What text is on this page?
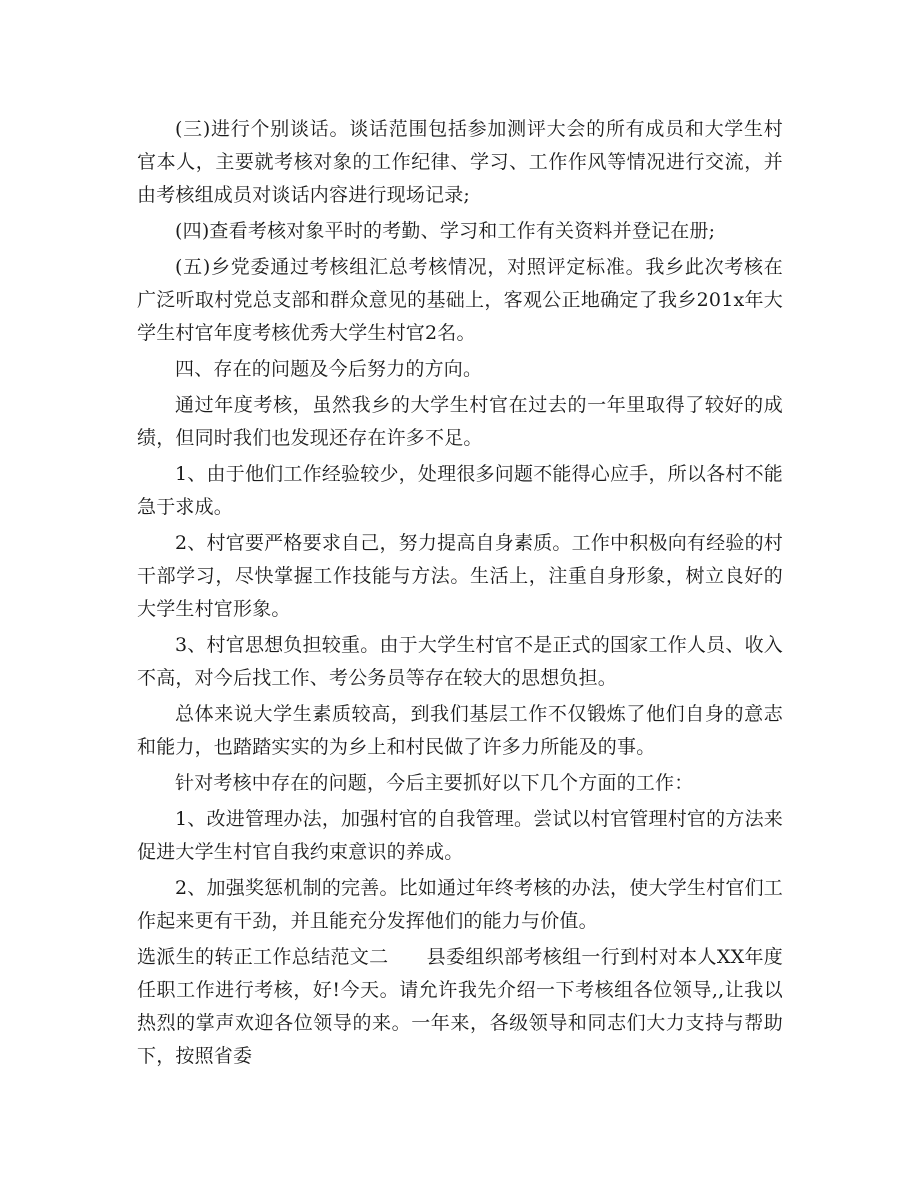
(三)进行个别谈话。谈话范围包括参加测评大会的所有成员和大学生村官本人，主要就考核对象的工作纪律、学习、工作作风等情况进行交流，并由考核组成员对谈话内容进行现场记录;

(四)查看考核对象平时的考勤、学习和工作有关资料并登记在册;

(五)乡党委通过考核组汇总考核情况，对照评定标准。我乡此次考核在广泛听取村党总支部和群众意见的基础上，客观公正地确定了我乡201x年大学生村官年度考核优秀大学生村官2名。

四、存在的问题及今后努力的方向。

通过年度考核，虽然我乡的大学生村官在过去的一年里取得了较好的成绩，但同时我们也发现还存在许多不足。

1、由于他们工作经验较少，处理很多问题不能得心应手，所以各村不能急于求成。

2、村官要严格要求自己，努力提高自身素质。工作中积极向有经验的村干部学习，尽快掌握工作技能与方法。生活上，注重自身形象，树立良好的大学生村官形象。

3、村官思想负担较重。由于大学生村官不是正式的国家工作人员、收入不高，对今后找工作、考公务员等存在较大的思想负担。

总体来说大学生素质较高，到我们基层工作不仅锻炼了他们自身的意志和能力，也踏踏实实的为乡上和村民做了许多力所能及的事。

针对考核中存在的问题，今后主要抓好以下几个方面的工作：

1、改进管理办法，加强村官的自我管理。尝试以村官管理村官的方法来促进大学生村官自我约束意识的养成。

2、加强奖惩机制的完善。比如通过年终考核的办法，使大学生村官们工作起来更有干劲，并且能充分发挥他们的能力与价值。

选派生的转正工作总结范文二 县委组织部考核组一行到村对本人XX年度任职工作进行考核，好!今天。请允许我先介绍一下考核组各位领导,,让我以热烈的掌声欢迎各位领导的来。一年来，各级领导和同志们大力支持与帮助下，按照省委
